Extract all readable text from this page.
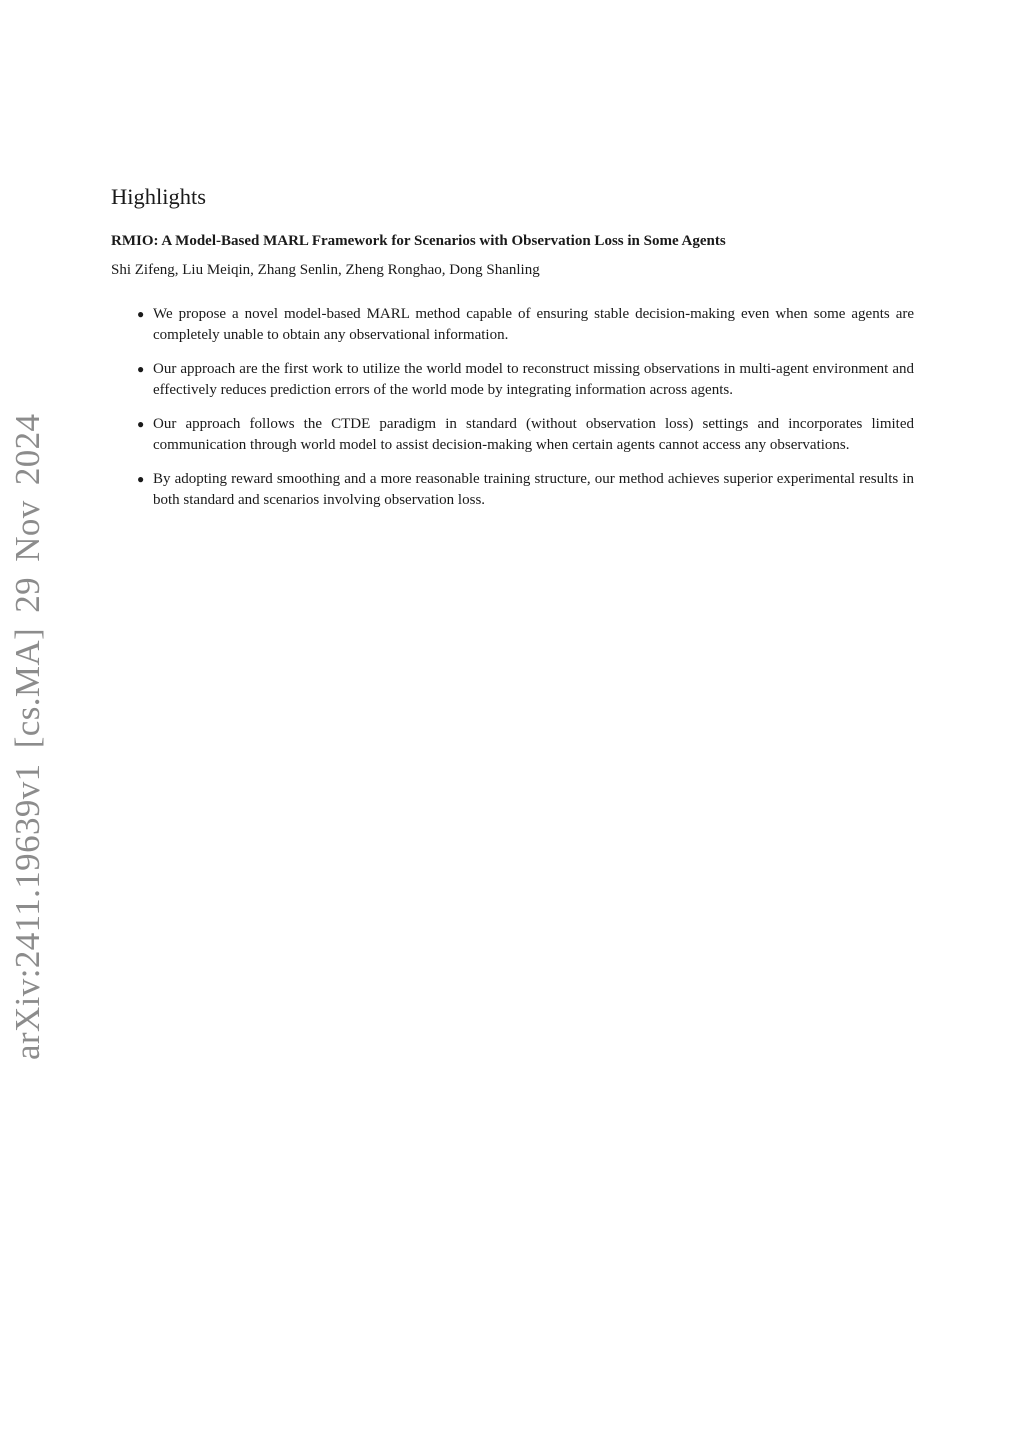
arXiv:2411.19639v1 [cs.MA] 29 Nov 2024
Highlights
RMIO: A Model-Based MARL Framework for Scenarios with Observation Loss in Some Agents
Shi Zifeng, Liu Meiqin, Zhang Senlin, Zheng Ronghao, Dong Shanling
● We propose a novel model-based MARL method capable of ensuring stable decision-making even when some agents are completely unable to obtain any observational information.
● Our approach are the first work to utilize the world model to reconstruct missing observations in multi-agent environment and effectively reduces prediction errors of the world mode by integrating information across agents.
● Our approach follows the CTDE paradigm in standard (without observation loss) settings and incorporates limited communication through world model to assist decision-making when certain agents cannot access any observations.
● By adopting reward smoothing and a more reasonable training structure, our method achieves superior experimental results in both standard and scenarios involving observation loss.
